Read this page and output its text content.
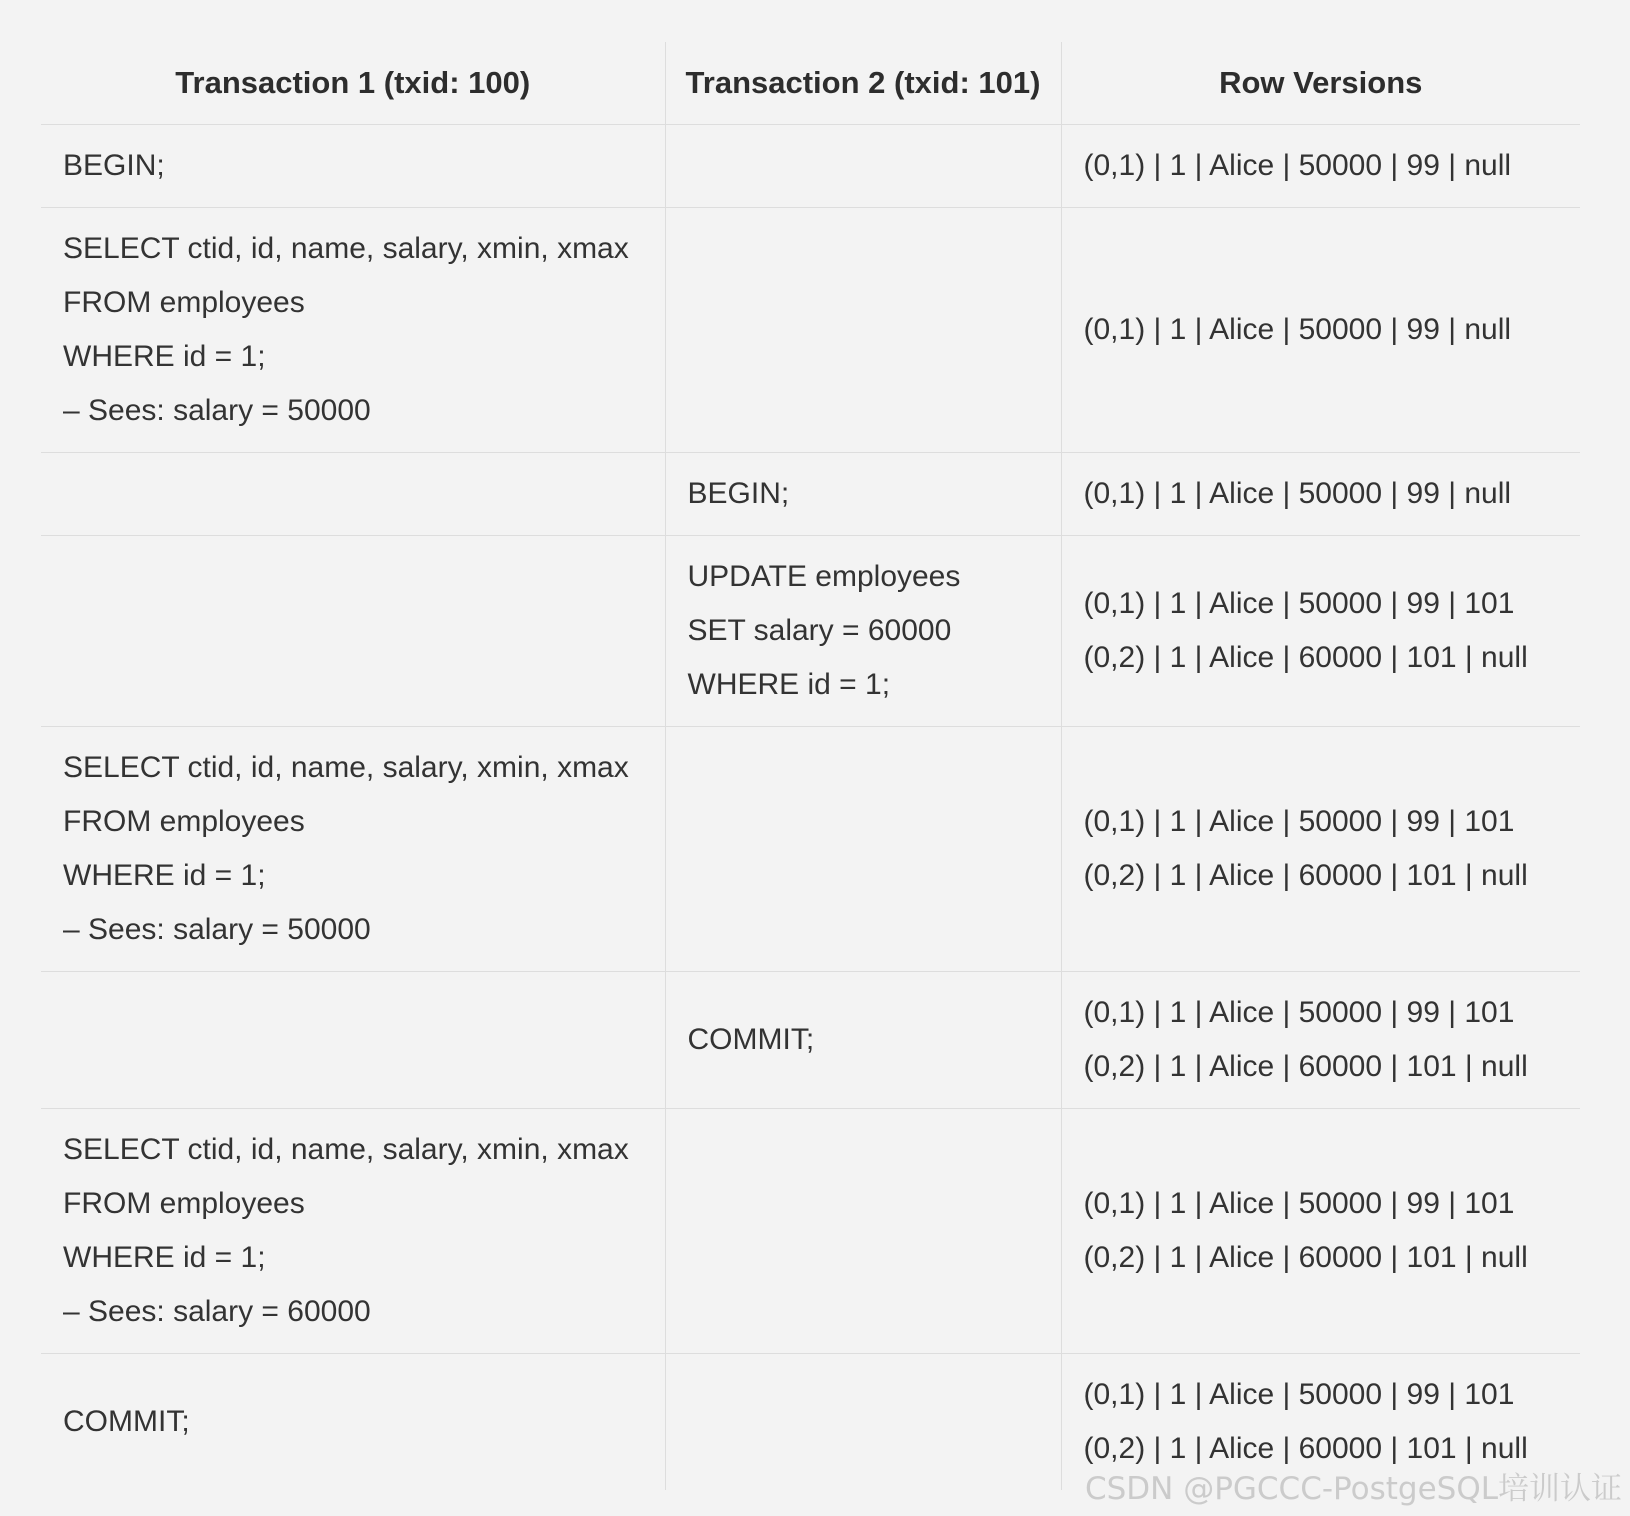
Transaction 1 (txid: 100)	Transaction 2 (txid: 101)	Row Versions

BEGIN;		(0,1) | 1 | Alice | 50000 | 99 | null

SELECT ctid, id, name, salary, xmin, xmax
FROM employees
WHERE id = 1;
– Sees: salary = 50000		(0,1) | 1 | Alice | 50000 | 99 | null

	BEGIN;	(0,1) | 1 | Alice | 50000 | 99 | null

	UPDATE employees
SET salary = 60000
WHERE id = 1;	(0,1) | 1 | Alice | 50000 | 99 | 101
(0,2) | 1 | Alice | 60000 | 101 | null

SELECT ctid, id, name, salary, xmin, xmax
FROM employees
WHERE id = 1;
– Sees: salary = 50000		(0,1) | 1 | Alice | 50000 | 99 | 101
(0,2) | 1 | Alice | 60000 | 101 | null

	COMMIT;	(0,1) | 1 | Alice | 50000 | 99 | 101
(0,2) | 1 | Alice | 60000 | 101 | null

SELECT ctid, id, name, salary, xmin, xmax
FROM employees
WHERE id = 1;
– Sees: salary = 60000		(0,1) | 1 | Alice | 50000 | 99 | 101
(0,2) | 1 | Alice | 60000 | 101 | null

COMMIT;		(0,1) | 1 | Alice | 50000 | 99 | 101
(0,2) | 1 | Alice | 60000 | 101 | null
CSDN @PGCCC-PostgeSQL培训认证
